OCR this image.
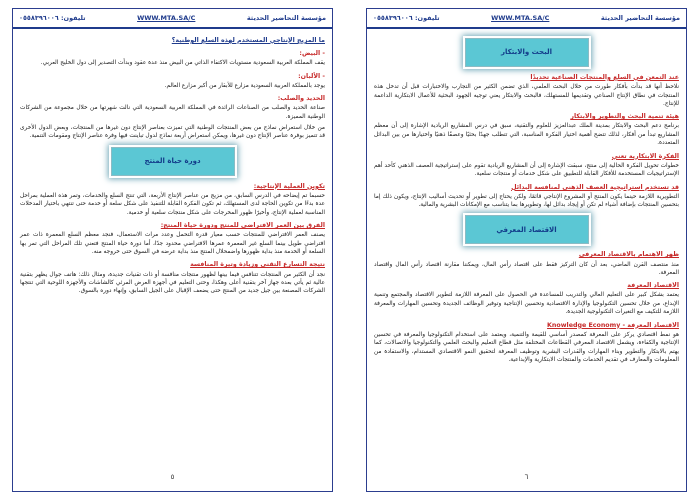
مؤسسة التحاضير الحديثة
WWW.MTA.SA/C
تليفون: ٠٥٥٨٣٩٦٠٠٦
ما المزيج الإنتاجي المستخدم لهذه السلع الوطنية؟
- البيض:
يقف المملكة العربية السعودية مستويات الاكتفاء الذاتي من البيض منذ عدة عقود وبدأت التصدير إلى دول الخليج العربي.
- الألبان:
يوجد بالمملكة العربية السعودية مزارع للأبقار من أكبر مزارع العالم.
الحديد والصلب:
صناعة الحديد والصلب من الصناعات الرائدة في المملكة العربية السعودية التي نالت شهرتها من خلال مجموعة من الشركات الوطنية المميزة.
من خلال استعراض نماذج من بعض المنتجات الوطنية التي تميزت بعناصر الإنتاج دون غيرها من المنتجات، وبعض الدول الأخرى قد تتميز بوفرة عناصر الإنتاج دون غيرها، ويمكن استعراض أربعة نماذج لدول تباينت فيها وفرة عناصر الإنتاج ومقومات التنمية.
دورة حياة المنتج
تكوين العملية الإنتاجية:
حسبما تم إيضاحه في الدرس السابق، من مزيج من عناصر الإنتاج الأربعة، التي تنتج السلع والخدمات، وتمر هذه العملية بمراحل عدة بدءًا من تكوين الحاجة لدى المستهلك، ثم تكون الفكرة القابلة للتنفيذ على شكل سلعة أو خدمة حتى تنتهي باختيار المدخلات المناسبة لعملية الإنتاج، وأخيرًا ظهور المخرجات على شكل منتجات سلعية أو خدمية.
الفرق بين العمر الافتراضي للمنتج ودورة حياة المنتج:
يصنف العمر الافتراضي للمنتجات حسب معيار قدرة التحمل وعدد مرات الاستعمال، فنجد معظم السلع المعمرة ذات عمر افتراضي طويل بينما السلع غير المعمرة عمرها الافتراضي محدود جدًا، أما دورة حياة المنتج فتعني تلك المراحل التي تمر بها السلعة أو الخدمة منذ بداية ظهورها واضمحلال المنتج منذ بداية عرضه في السوق حتى خروجه منه.
نتيجة التسارع التقني وزيادة وتيرة المنافسة
نجد أن الكثير من المنتجات تتنافس فيما بينها لظهور منتجات منافسة أو ذات تقنيات جديدة، ومثال ذلك: هاتف جوال يظهر بتقنية عالية ثم يأتي بعده جهاز آخر بتقنية أعلى وهكذا، وحتى التعليم في أجهزة العرض المرئي كالشاشات والأجهزة اللوحية التي تنتجها الشركات المصنعة بين جيل جديد من المنتج حتى يضعف الإقبال على الجيل السابق، وإنهاء دوره بالسوق.
٥
مؤسسة التحاضير الحديثة
WWW.MTA.SA/C
تليفون: ٠٥٥٨٣٩٦٠٠٦
البحث والابتكار
عند التمعن في السلع والمنتجات الصناعية تحديدًا
نلاحظ أنها قد بدأت بأفكار طورت من خلال البحث العلمي، الذي تضمن الكثير من التجارب والاختبارات قبل أن تدخل هذه المنتجات في نطاق الإنتاج الصناعي وتقديمها للمستهلك، فالبحث والابتكار يعني توجيه الجهود البحثية للأعمال الابتكارية الداعمة للإنتاج.
هيئة تنمية البحث والتطوير والابتكار
برنامج دعم البحث والابتكار بمدينة الملك عبدالعزيز للعلوم والتقنية، سبق في درس المشاريع الريادية الإشارة إلى أن معظم المشاريع تبدأ من أفكار، لذلك تتضح أهمية اختيار الفكرة المناسبة، التي تتطلب جهدًا بحثيًا وعصفًا ذهنيًا واختيارها من بين البدائل المتعددة.
الفكرة الابتكارية تعني
خطوات تحويل الفكرة الحالية إلى منتج، سبقت الإشارة إلى أن المشاريع الريادية تقوم على إستراتيجية العصف الذهني كأحد أهم الإستراتيجيات المستخدمة للأفكار القابلة للتطبيق على شكل خدمات أو منتجات سلعية.
قد تستخدم استراتيجية العصف الذهني لمنافسة البدائل
التطويرية اللازمة حينما يكون المنتج أو المشروع الإنتاجي قائمًا، ولكن يحتاج إلى تطوير أو تحديث أساليب الإنتاج، ويكون ذلك إما بتحسين المنتجات بإضافة أشياء لم تكن أو إيجاد بدائل لها، وتطويرها بما يتناسب مع الإمكانات البشرية والمالية.
الاقتصاد المعرفي
ظهر الاهتمام بالاقتصاد المعرفي
منذ منتصف القرن الماضي، بعد أن كان التركيز فقط على اقتصاد رأس المال، ويمكننا مقارنة اقتصاد رأس المال واقتصاد المعرفة.
الاقتصاد المعرفة
يعتمد بشكل كبير على التعليم العالي والتدريب للمساعدة في الحصول على المعرفة اللازمة لتطوير الاقتصاد والمجتمع وتنمية الإبداع، من خلال تحسين التكنولوجيا والإدارة الاقتصادية وتحسين الإنتاجية وتوفير الوظائف الجديدة وتحسين المهارات والمعرفة اللازمة للتكيف مع التغيرات التكنولوجية الجديدة.
الاقتصاد المعرفة - Knowledge Economy
هو نمط اقتصادي يركز على المعرفة كمصدر أساسي للقيمة والتنمية، ويعتمد على استخدام التكنولوجيا والمعرفة في تحسين الإنتاجية والكفاءة، ويشمل الاقتصاد المعرفي القطاعات المختلفة مثل قطاع التعليم والبحث العلمي والتكنولوجيا والاتصالات، كما يهتم بالابتكار والتطوير وبناء المهارات والقدرات البشرية وتوظيف المعرفة لتحقيق النمو الاقتصادي المستدام، والاستفادة من المعلومات والمعارف في تقديم الخدمات والمنتجات الابتكارية والإبداعية.
٦
